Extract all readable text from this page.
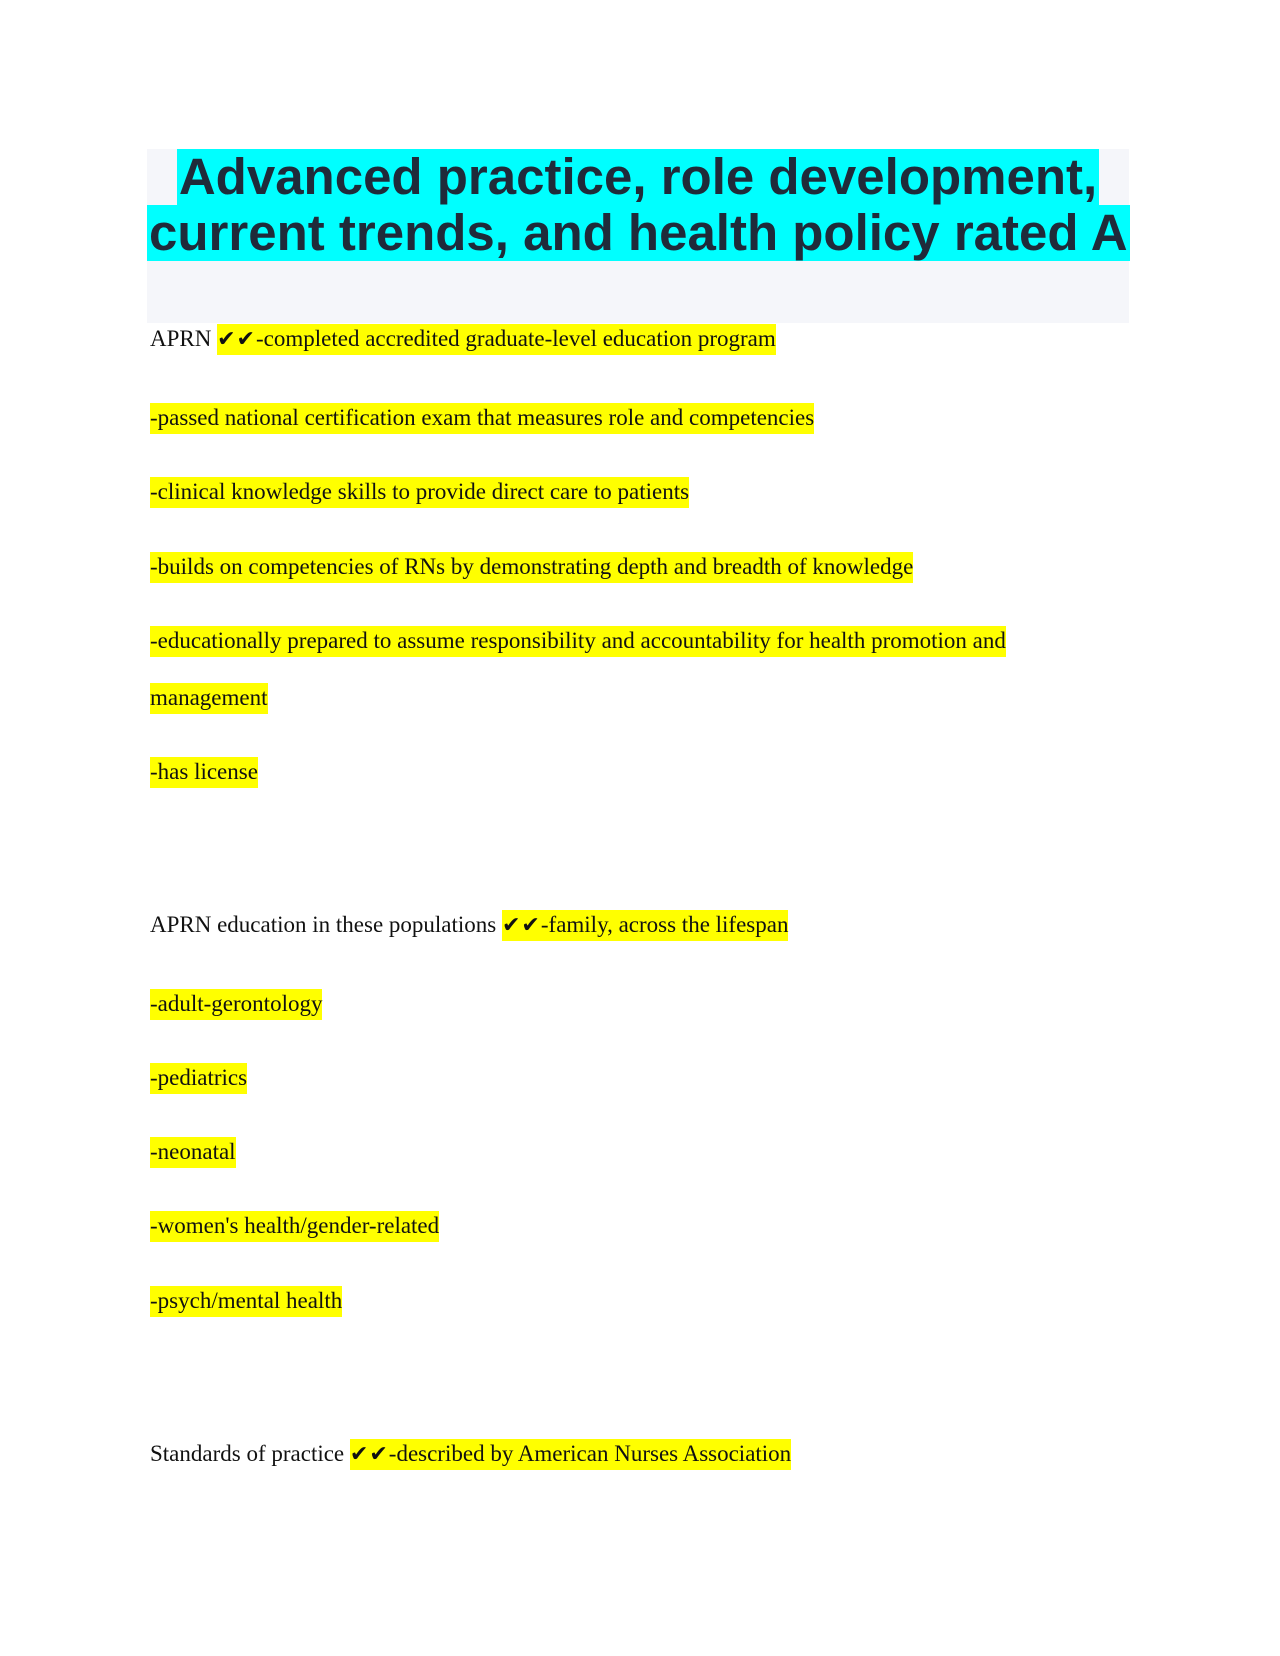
Advanced practice, role development,
current trends, and health policy rated A
APRN ✔✔-completed accredited graduate-level education program
-passed national certification exam that measures role and competencies
-clinical knowledge skills to provide direct care to patients
-builds on competencies of RNs by demonstrating depth and breadth of knowledge
-educationally prepared to assume responsibility and accountability for health promotion and
management
-has license
APRN education in these populations ✔✔-family, across the lifespan
-adult-gerontology
-pediatrics
-neonatal
-women's health/gender-related
-psych/mental health
Standards of practice ✔✔-described by American Nurses Association
